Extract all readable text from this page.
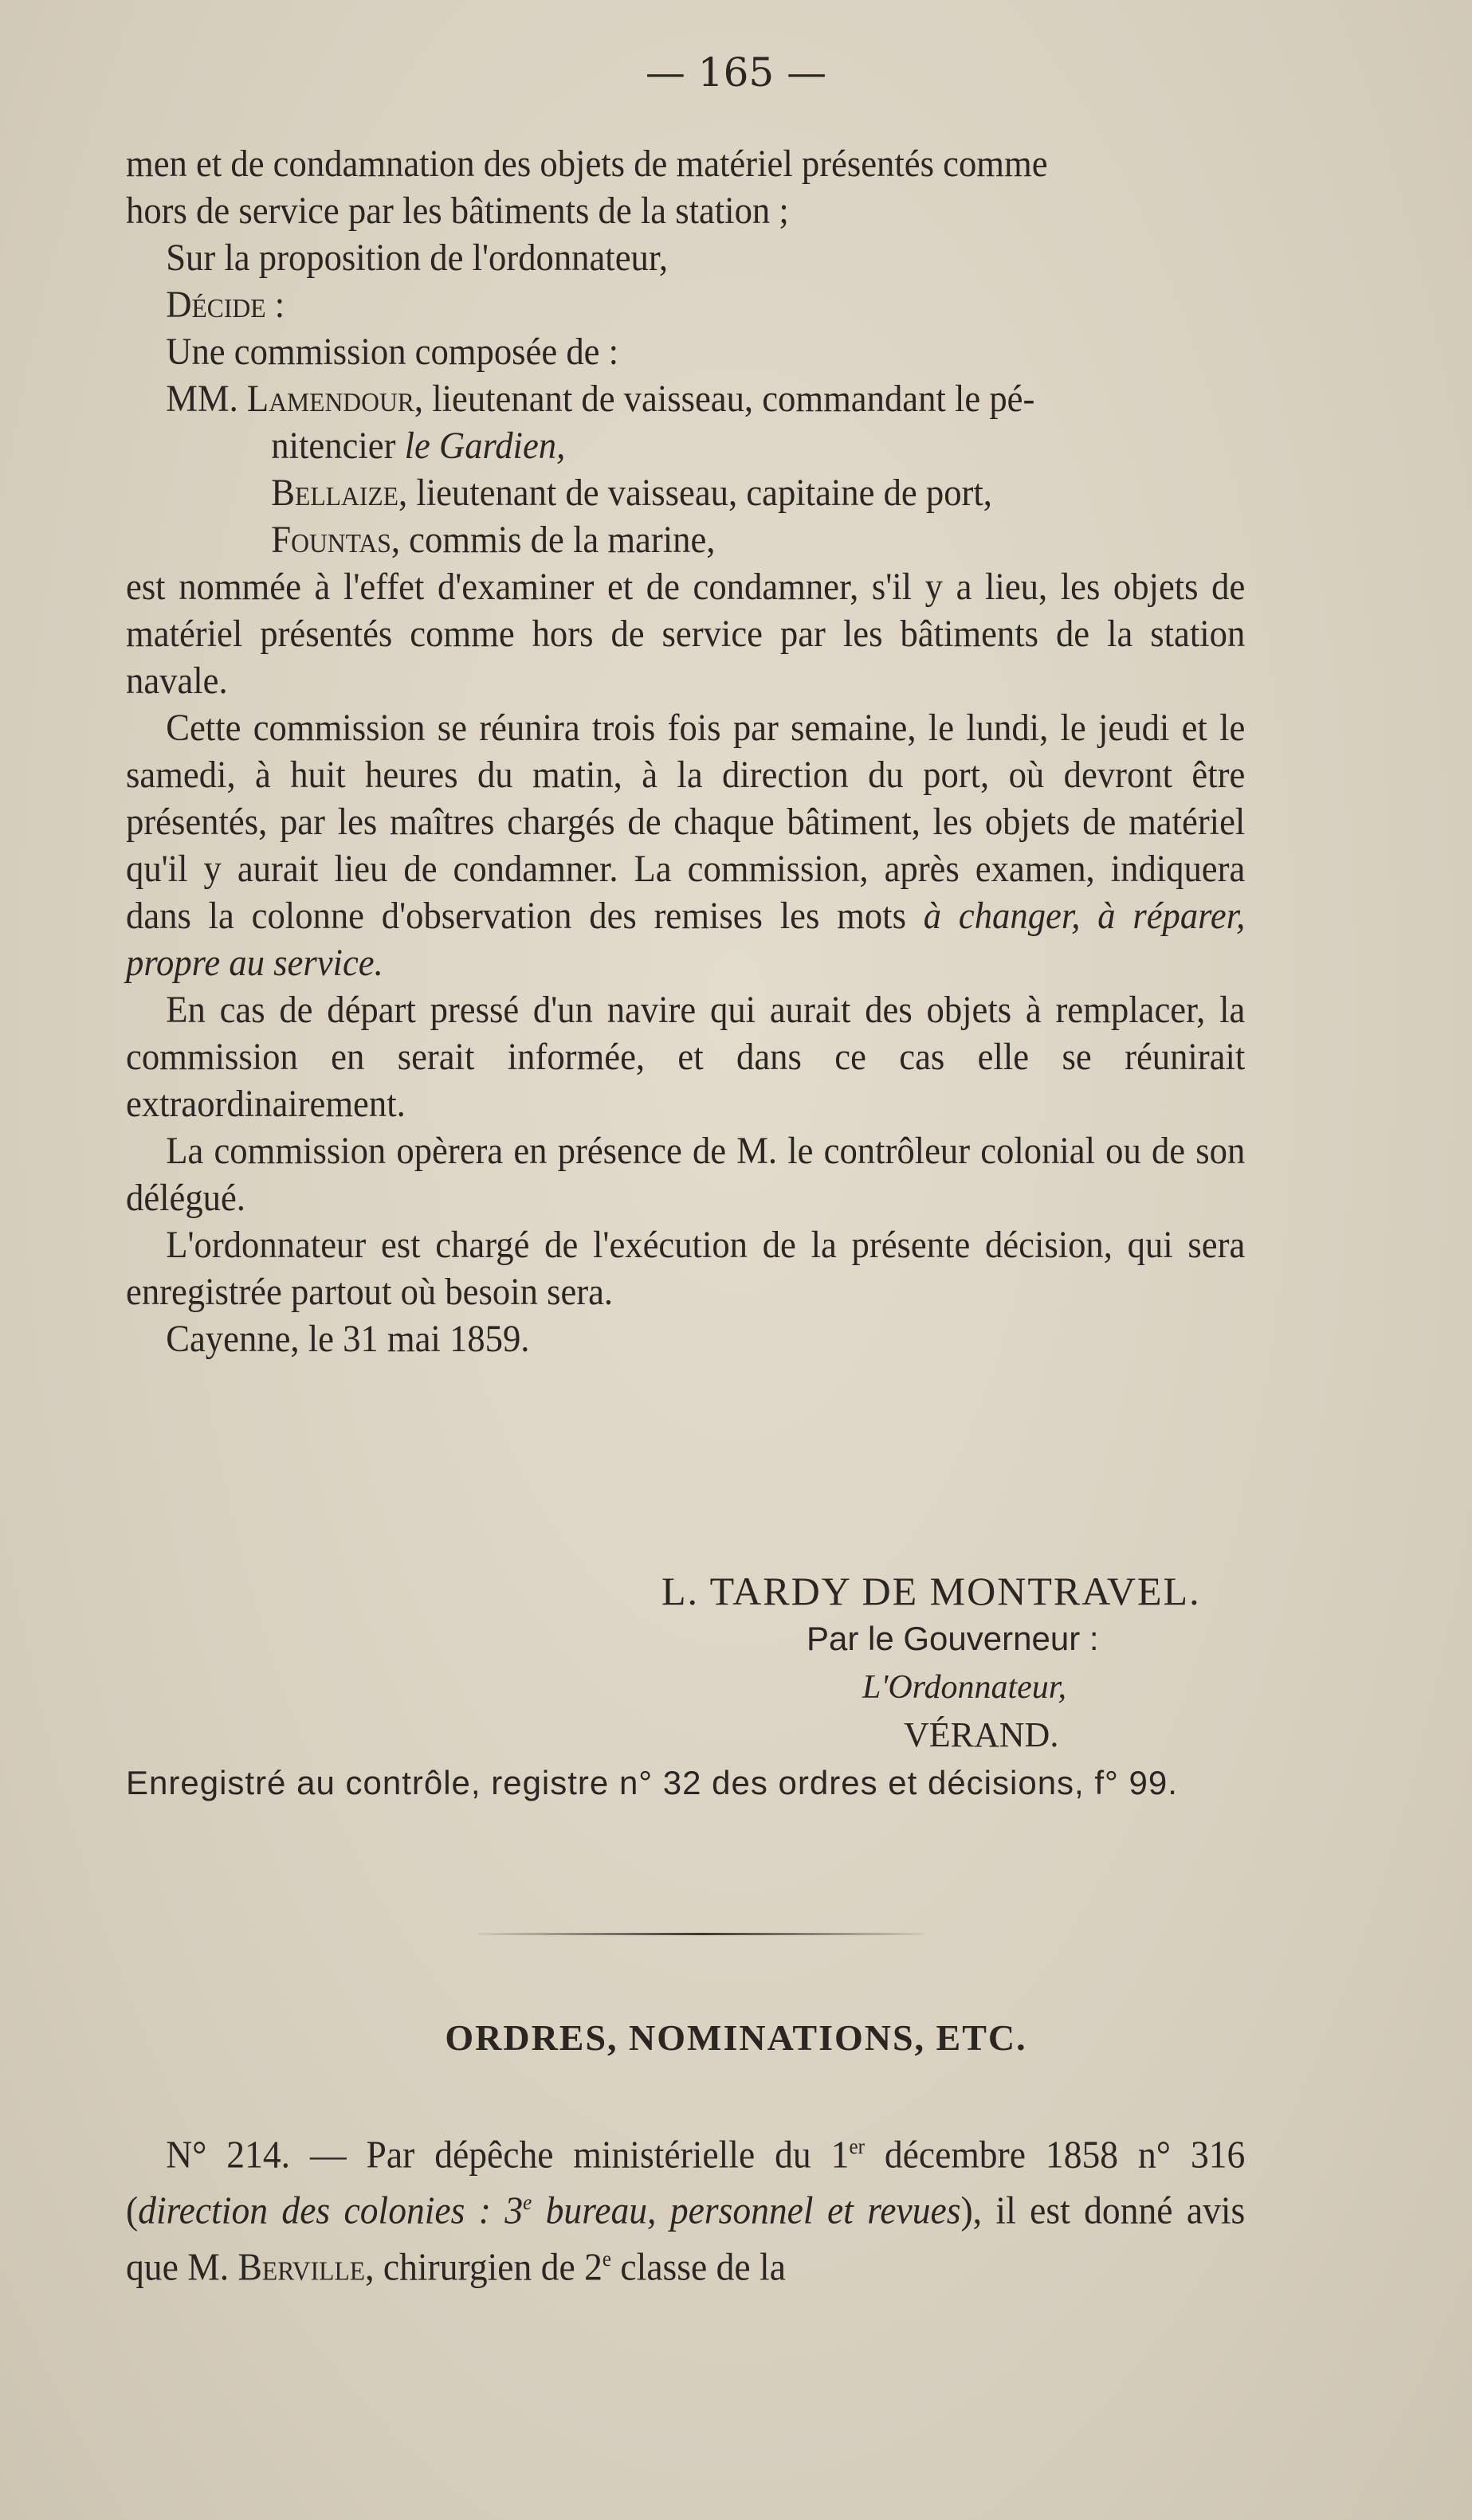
— 165 —

men et de condamnation des objets de matériel présentés comme
hors de service par les bâtiments de la station ;

Sur la proposition de l'ordonnateur,

Décide :

Une commission composée de :

MM. Lamendour, lieutenant de vaisseau, commandant le pé-

nitencier le Gardien,

Bellaize, lieutenant de vaisseau, capitaine de port,

Fountas, commis de la marine,

est nommée à l'effet d'examiner et de condamner, s'il y a lieu, les objets de matériel présentés comme hors de service par les bâtiments de la station navale.

Cette commission se réunira trois fois par semaine, le lundi, le jeudi et le samedi, à huit heures du matin, à la direction du port, où devront être présentés, par les maîtres chargés de chaque bâtiment, les objets de matériel qu'il y aurait lieu de condamner. La commission, après examen, indiquera dans la colonne d'observation des remises les mots à changer, à réparer, propre au service.

En cas de départ pressé d'un navire qui aurait des objets à remplacer, la commission en serait informée, et dans ce cas elle se réunirait extraordinairement.

La commission opèrera en présence de M. le contrôleur colonial ou de son délégué.

L'ordonnateur est chargé de l'exécution de la présente décision, qui sera enregistrée partout où besoin sera.

Cayenne, le 31 mai 1859.

L. TARDY DE MONTRAVEL.
Par le Gouverneur :
L'Ordonnateur,
VÉRAND.
Enregistré au contrôle, registre n° 32 des ordres et décisions, f° 99.
ORDRES, NOMINATIONS, ETC.

N° 214. — Par dépêche ministérielle du 1er décembre 1858 n° 316 (direction des colonies : 3e bureau, personnel et revues), il est donné avis que M. Berville, chirurgien de 2e classe de la
